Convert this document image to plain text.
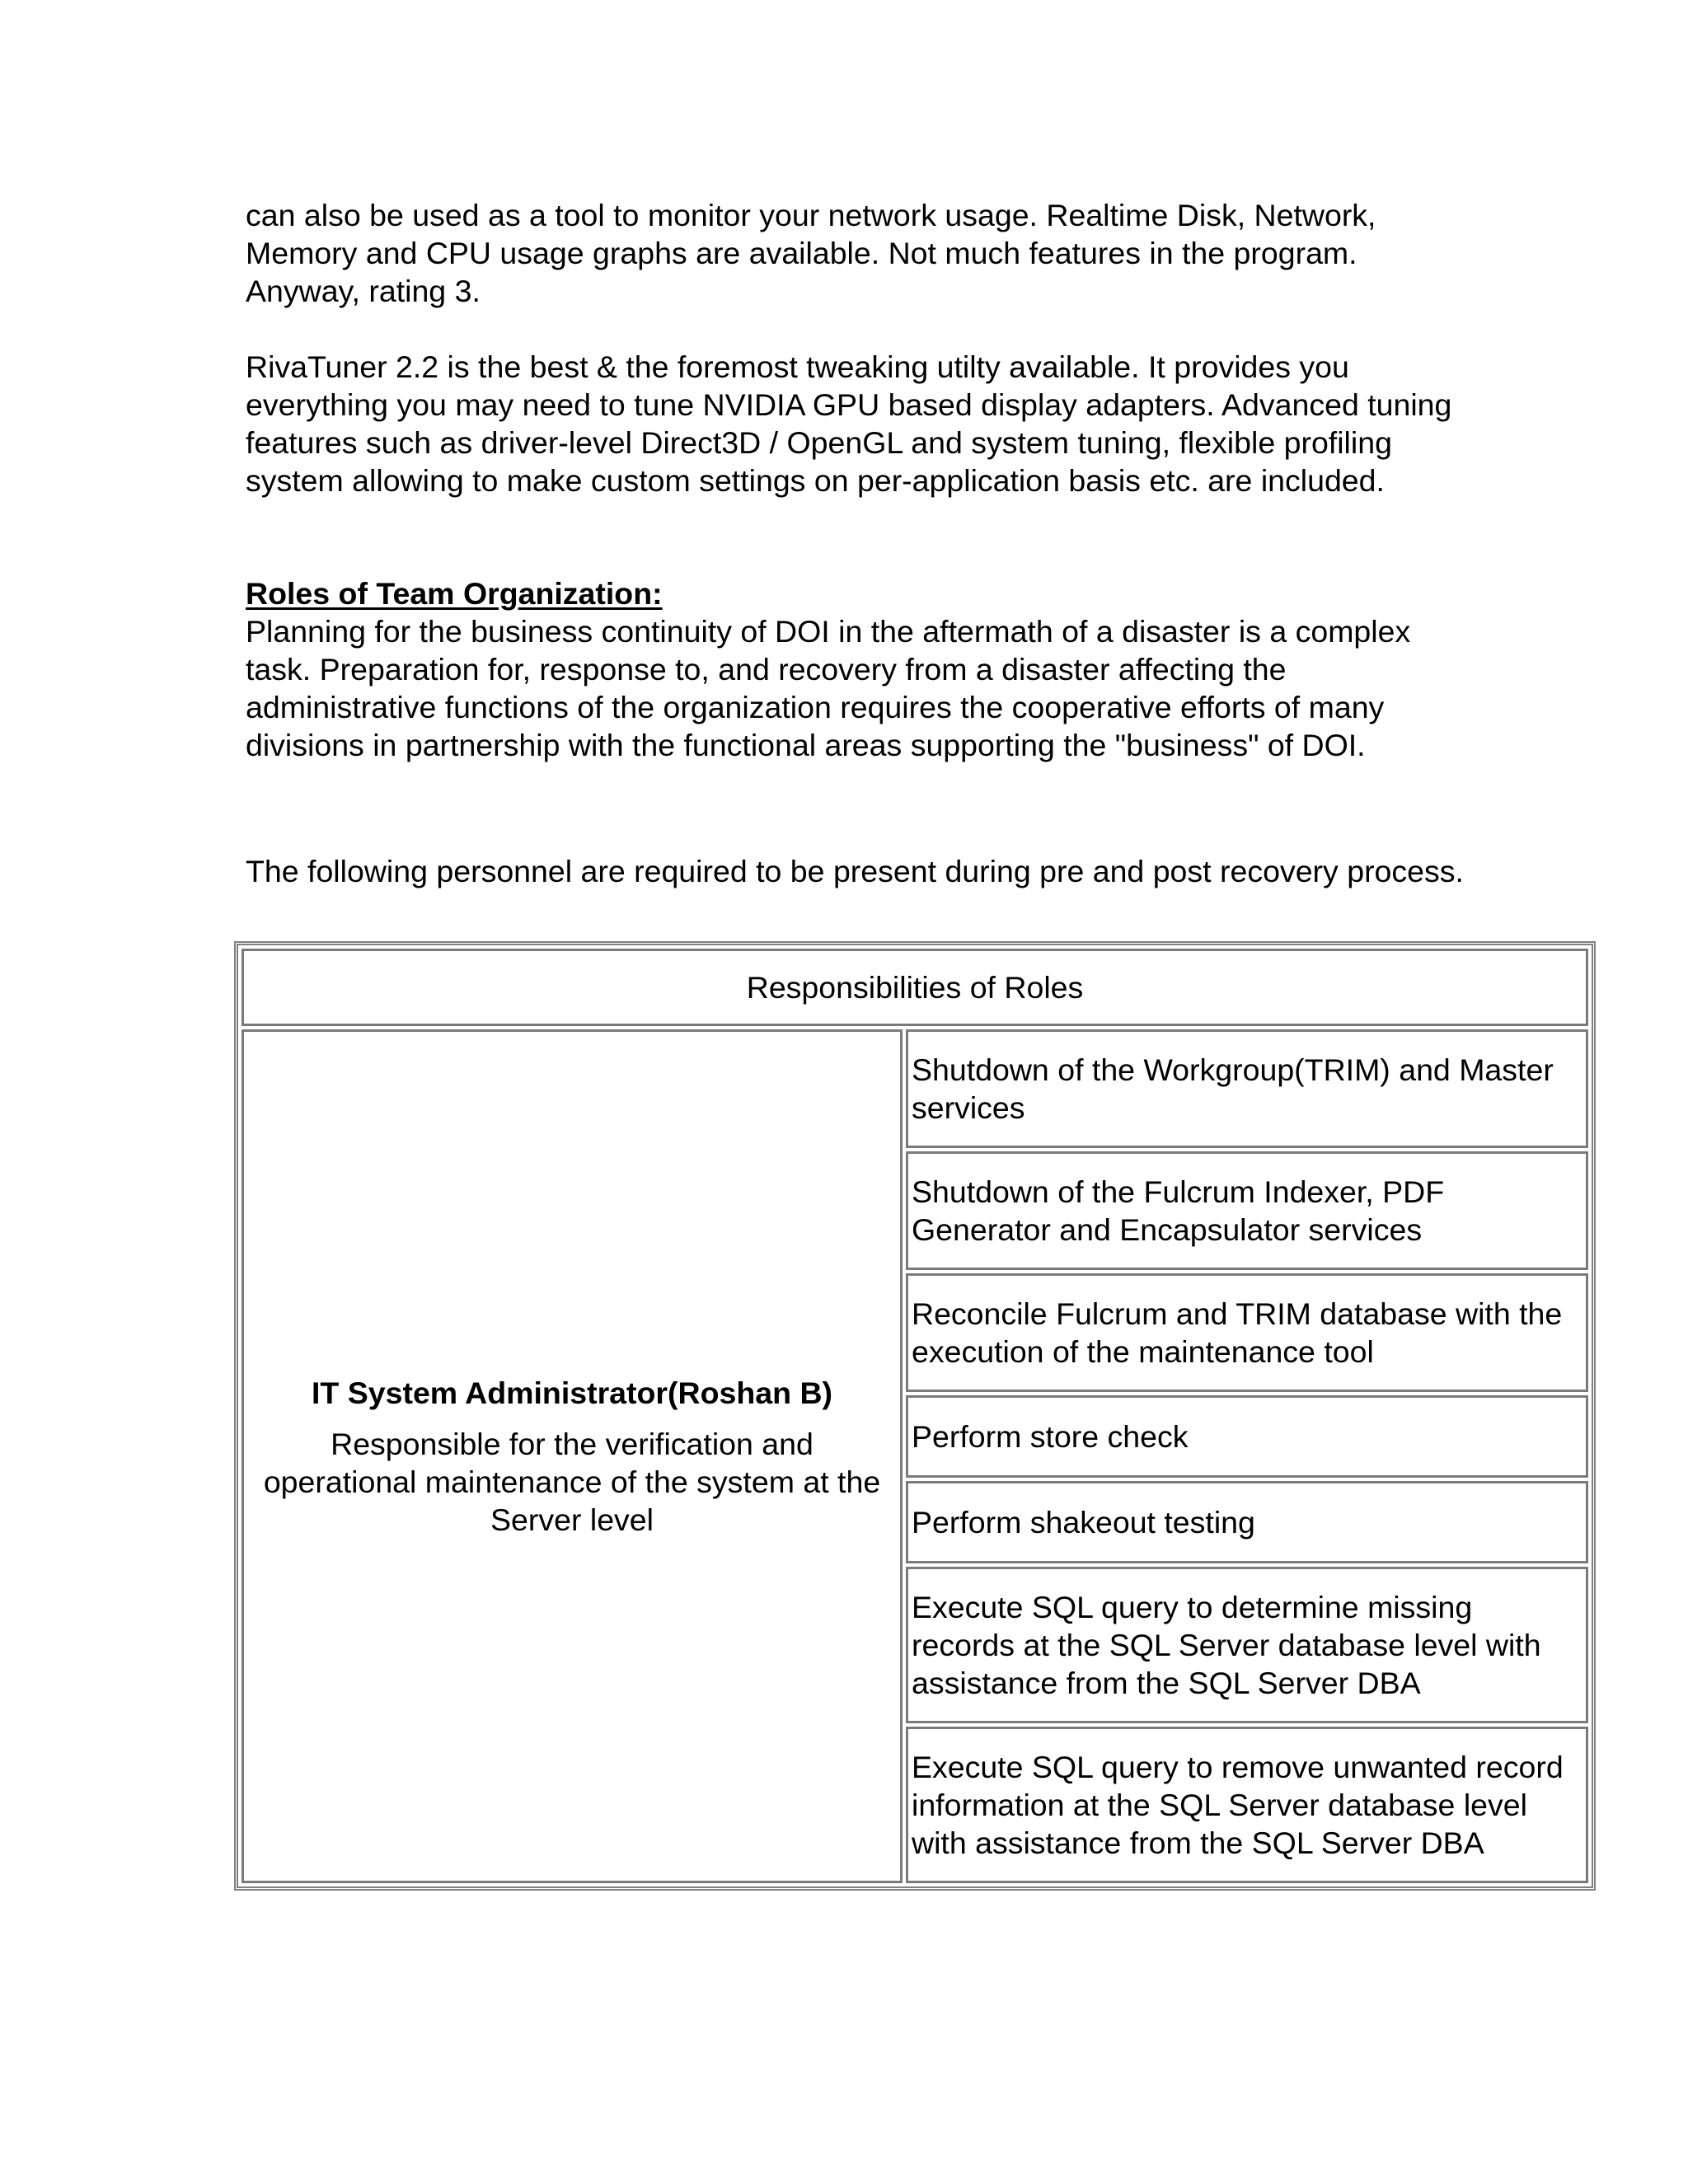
can also be used as a tool to monitor your network usage. Realtime Disk, Network, Memory and CPU usage graphs are available. Not much features in the program. Anyway, rating 3.

RivaTuner 2.2 is the best & the foremost tweaking utilty available. It provides you everything you may need to tune NVIDIA GPU based display adapters. Advanced tuning features such as driver-level Direct3D / OpenGL and system tuning, flexible profiling system allowing to make custom settings on per-application basis etc. are included.

Roles of Team Organization:

Planning for the business continuity of DOI in the aftermath of a disaster is a complex task. Preparation for, response to, and recovery from a disaster affecting the administrative functions of the organization requires the cooperative efforts of many divisions in partnership with the functional areas supporting the "business" of DOI.

The following personnel are required to be present during pre and post recovery process.

Responsibilities of Roles

IT System Administrator(Roshan B)
Responsible for the verification and operational maintenance of the system at the Server level
	Shutdown of the Workgroup(TRIM) and Master services
Shutdown of the Fulcrum Indexer, PDF Generator and Encapsulator services
Reconcile Fulcrum and TRIM database with the execution of the maintenance tool
Perform store check
Perform shakeout testing
Execute SQL query to determine missing records at the SQL Server database level with assistance from the SQL Server DBA
Execute SQL query to remove unwanted record information at the SQL Server database level with assistance from the SQL Server DBA
